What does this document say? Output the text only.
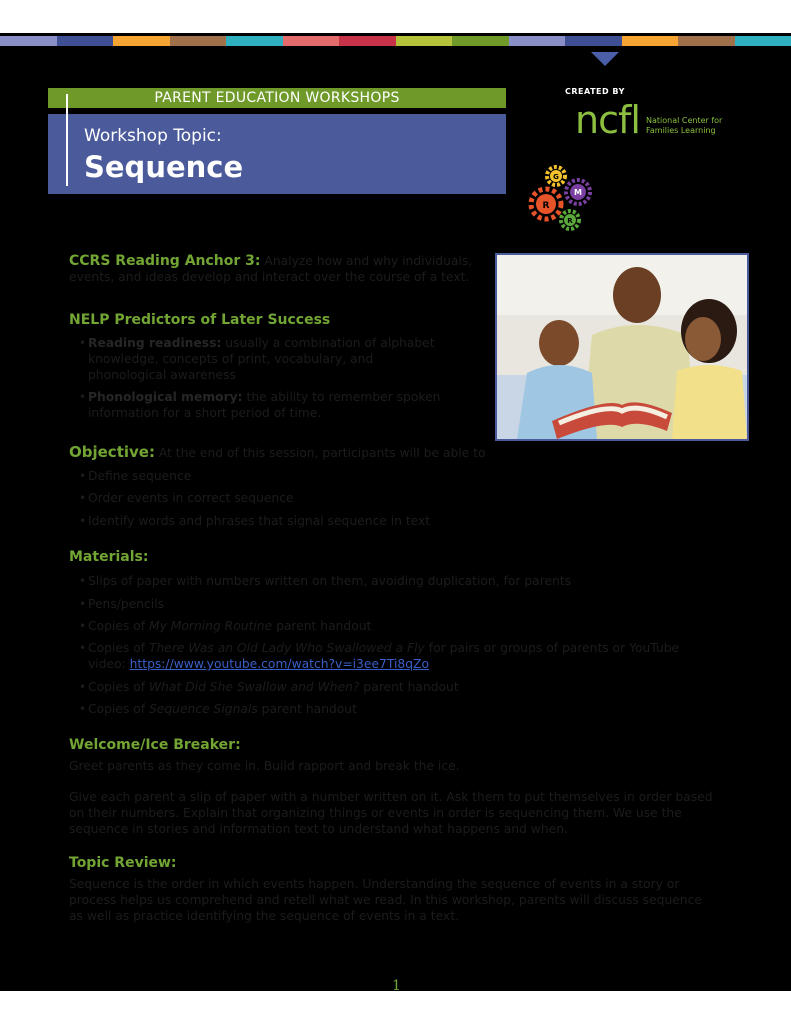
PARENT EDUCATION WORKSHOPS
Workshop Topic:
Sequence
CREATED BY
ncfl National Center for
Families Learning
G
M
R
R
CCRS Reading Anchor 3: Analyze how and why individuals,
events, and ideas develop and interact over the course of a text.
NELP Predictors of Later Success
• Reading readiness: usually a combination of alphabet
knowledge, concepts of print, vocabulary, and
phonological awareness
• Phonological memory: the ability to remember spoken
information for a short period of time.
Objective: At the end of this session, participants will be able to
• Define sequence
• Order events in correct sequence
• Identify words and phrases that signal sequence in text
Materials:
• Slips of paper with numbers written on them, avoiding duplication, for parents
• Pens/pencils
• Copies of My Morning Routine parent handout
• Copies of There Was an Old Lady Who Swallowed a Fly for pairs or groups of parents or YouTube
video: https://www.youtube.com/watch?v=i3ee7Ti8qZo
• Copies of What Did She Swallow and When? parent handout
• Copies of Sequence Signals parent handout
Welcome/Ice Breaker:
Greet parents as they come in. Build rapport and break the ice.
Give each parent a slip of paper with a number written on it. Ask them to put themselves in order based
on their numbers. Explain that organizing things or events in order is sequencing them. We use the
sequence in stories and information text to understand what happens and when.
Topic Review:
Sequence is the order in which events happen. Understanding the sequence of events in a story or
process helps us comprehend and retell what we read. In this workshop, parents will discuss sequence
as well as practice identifying the sequence of events in a text.
1
